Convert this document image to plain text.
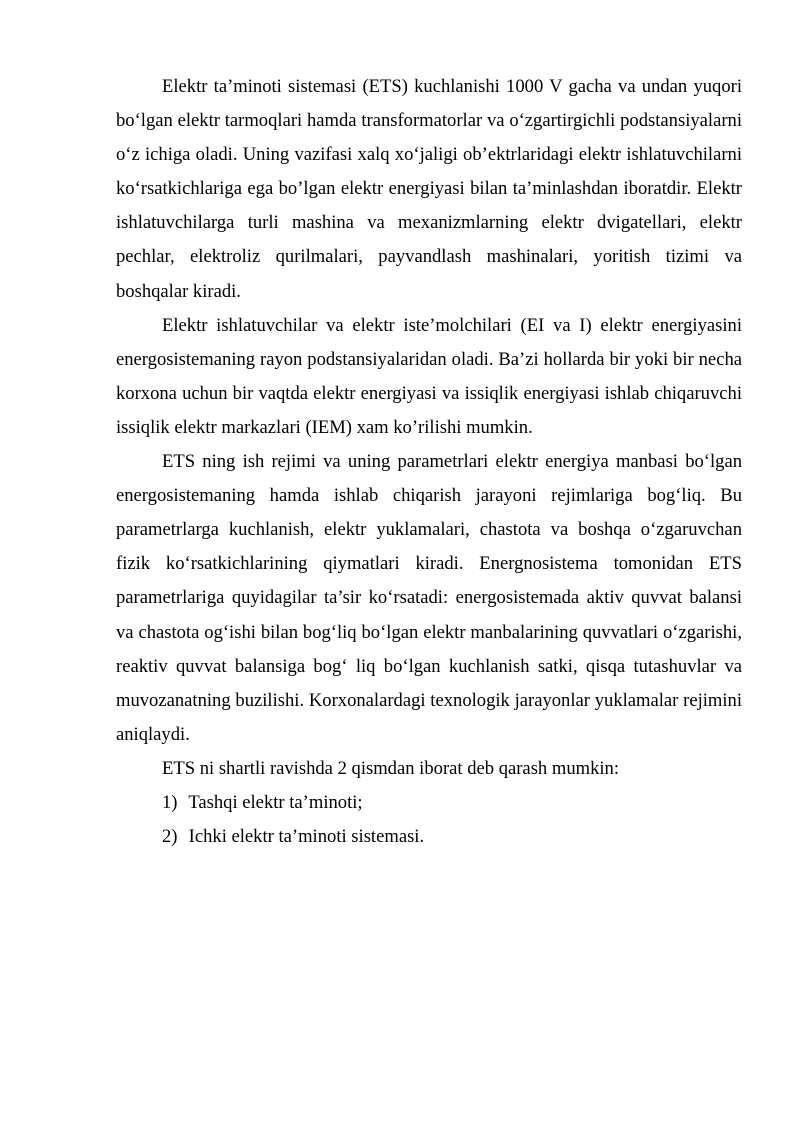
Elektr ta’minoti sistemasi (ETS) kuchlanishi 1000 V gacha va undan yuqori boʻlgan elektr tarmoqlari hamda transformatorlar va oʻzgartirgichli podstansiyalarni oʻz ichiga oladi. Uning vazifasi xalq xoʻjaligi ob’ektrlaridagi elektr ishlatuvchilarni koʻrsatkichlariga ega bo’lgan elektr energiyasi bilan ta’minlashdan iboratdir. Elektr ishlatuvchilarga turli mashina va mexanizmlarning elektr dvigatellari, elektr pechlar, elektroliz qurilmalari, payvandlash mashinalari, yoritish tizimi va boshqalar kiradi.

Elektr ishlatuvchilar va elektr iste’molchilari (EI va I) elektr energiyasini energosistemaning rayon podstansiyalaridan oladi. Ba’zi hollarda bir yoki bir necha korxona uchun bir vaqtda elektr energiyasi va issiqlik energiyasi ishlab chiqaruvchi issiqlik elektr markazlari (IEM) xam ko’rilishi mumkin.

ETS ning ish rejimi va uning parametrlari elektr energiya manbasi boʻlgan energosistemaning hamda ishlab chiqarish jarayoni rejimlariga bogʻliq. Bu parametrlarga kuchlanish, elektr yuklamalari, chastota va boshqa oʻzgaruvchan fizik koʻrsatkichlarining qiymatlari kiradi. Energnosistema tomonidan ETS parametrlariga quyidagilar ta’sir koʻrsatadi: energosistemada aktiv quvvat balansi va chastota ogʻishi bilan bogʻliq boʻlgan elektr manbalarining quvvatlari oʻzgarishi, reaktiv quvvat balansiga bogʻ liq boʻlgan kuchlanish satki, qisqa tutashuvlar va muvozanatning buzilishi. Korxonalardagi texnologik jarayonlar yuklamalar rejimini aniqlaydi.

ETS ni shartli ravishda 2 qismdan iborat deb qarash mumkin:

1) Tashqi elektr ta’minoti;
2) Ichki elektr ta’minoti sistemasi.
